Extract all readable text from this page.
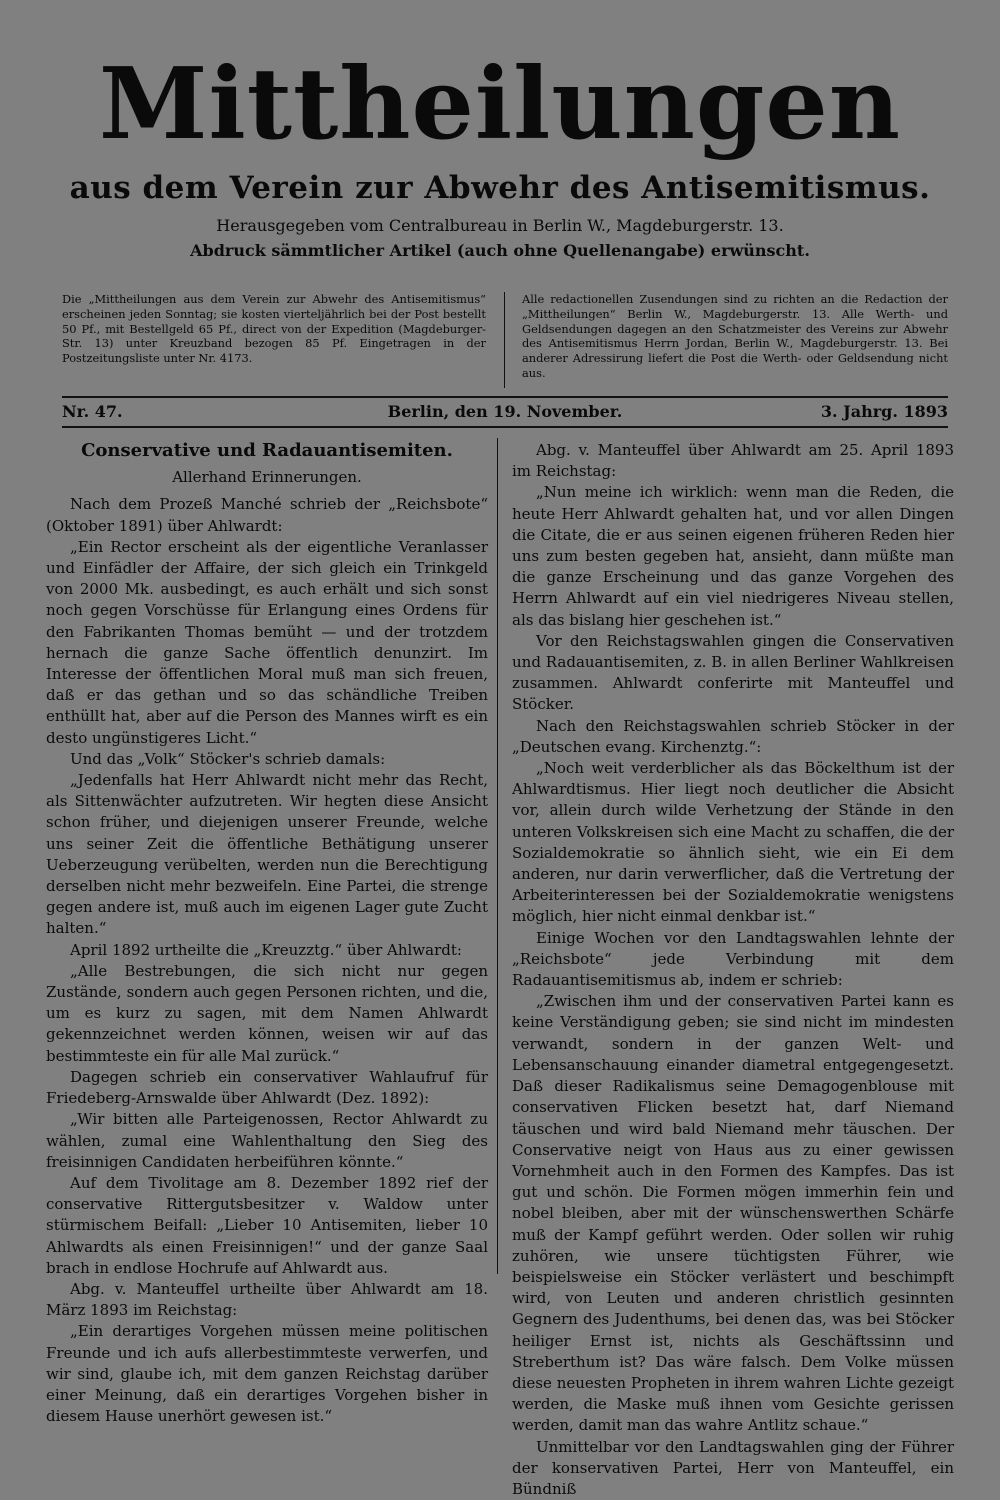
Mittheilungen
aus dem Verein zur Abwehr des Antisemitismus.
Herausgegeben vom Centralbureau in Berlin W., Magdeburgerstr. 13.
Abdruck sämmtlicher Artikel (auch ohne Quellenangabe) erwünscht.
Die „Mittheilungen aus dem Verein zur Abwehr des Antisemitismus“ erscheinen jeden Sonntag; sie kosten vierteljährlich bei der Post bestellt 50 Pf., mit Bestellgeld 65 Pf., direct von der Expedition (Magdeburger-Str. 13) unter Kreuzband bezogen 85 Pf. Eingetragen in der Postzeitungsliste unter Nr. 4173.
Alle redactionellen Zusendungen sind zu richten an die Redaction der „Mittheilungen“ Berlin W., Magdeburgerstr. 13. Alle Werth- und Geldsendungen dagegen an den Schatzmeister des Vereins zur Abwehr des Antisemitismus Herrn Jordan, Berlin W., Magdeburgerstr. 13. Bei anderer Adressirung liefert die Post die Werth- oder Geldsendung nicht aus.
Berlin, den 19. November.
Nr. 47.	3. Jahrg. 1893
Conservative und Radauantisemiten.
Allerhand Erinnerungen.

Nach dem Prozeß Manché schrieb der „Reichsbote“ (Oktober 1891) über Ahlwardt:

„Ein Rector erscheint als der eigentliche Veranlasser und Einfädler der Affaire, der sich gleich ein Trinkgeld von 2000 Mk. ausbedingt, es auch erhält und sich sonst noch gegen Vorschüsse für Erlangung eines Ordens für den Fabrikanten Thomas bemüht — und der trotzdem hernach die ganze Sache öffentlich denunzirt. Im Interesse der öffentlichen Moral muß man sich freuen, daß er das gethan und so das schändliche Treiben enthüllt hat, aber auf die Person des Mannes wirft es ein desto ungünstigeres Licht.“

Und das „Volk“ Stöcker's schrieb damals:

„Jedenfalls hat Herr Ahlwardt nicht mehr das Recht, als Sittenwächter aufzutreten. Wir hegten diese Ansicht schon früher, und diejenigen unserer Freunde, welche uns seiner Zeit die öffentliche Bethätigung unserer Ueberzeugung verübelten, werden nun die Berechtigung derselben nicht mehr bezweifeln. Eine Partei, die strenge gegen andere ist, muß auch im eigenen Lager gute Zucht halten.“

April 1892 urtheilte die „Kreuzztg.“ über Ahlwardt:

„Alle Bestrebungen, die sich nicht nur gegen Zustände, sondern auch gegen Personen richten, und die, um es kurz zu sagen, mit dem Namen Ahlwardt gekennzeichnet werden können, weisen wir auf das bestimmteste ein für alle Mal zurück.“

Dagegen schrieb ein conservativer Wahlaufruf für Friedeberg-Arnswalde über Ahlwardt (Dez. 1892):

„Wir bitten alle Parteigenossen, Rector Ahlwardt zu wählen, zumal eine Wahlenthaltung den Sieg des freisinnigen Candidaten herbeiführen könnte.“

Auf dem Tivolitage am 8. Dezember 1892 rief der conservative Rittergutsbesitzer v. Waldow unter stürmischem Beifall: „Lieber 10 Antisemiten, lieber 10 Ahlwardts als einen Freisinnigen!“ und der ganze Saal brach in endlose Hochrufe auf Ahlwardt aus.

Abg. v. Manteuffel urtheilte über Ahlwardt am 18. März 1893 im Reichstag:

„Ein derartiges Vorgehen müssen meine politischen Freunde und ich aufs allerbestimmteste verwerfen, und wir sind, glaube ich, mit dem ganzen Reichstag darüber einer Meinung, daß ein derartiges Vorgehen bisher in diesem Hause unerhört gewesen ist.“

Abg. v. Manteuffel über Ahlwardt am 25. April 1893 im Reichstag:

„Nun meine ich wirklich: wenn man die Reden, die heute Herr Ahlwardt gehalten hat, und vor allen Dingen die Citate, die er aus seinen eigenen früheren Reden hier uns zum besten gegeben hat, ansieht, dann müßte man die ganze Erscheinung und das ganze Vorgehen des Herrn Ahlwardt auf ein viel niedrigeres Niveau stellen, als das bislang hier geschehen ist.“

Vor den Reichstagswahlen gingen die Conservativen und Radauantisemiten, z. B. in allen Berliner Wahlkreisen zusammen. Ahlwardt conferirte mit Manteuffel und Stöcker.

Nach den Reichstagswahlen schrieb Stöcker in der „Deutschen evang. Kirchenztg.“:

„Noch weit verderblicher als das Böckelthum ist der Ahlwardtismus. Hier liegt noch deutlicher die Absicht vor, allein durch wilde Verhetzung der Stände in den unteren Volkskreisen sich eine Macht zu schaffen, die der Sozialdemokratie so ähnlich sieht, wie ein Ei dem anderen, nur darin verwerflicher, daß die Vertretung der Arbeiterinteressen bei der Sozialdemokratie wenigstens möglich, hier nicht einmal denkbar ist.“

Einige Wochen vor den Landtagswahlen lehnte der „Reichsbote“ jede Verbindung mit dem Radauantisemitismus ab, indem er schrieb:

„Zwischen ihm und der conservativen Partei kann es keine Verständigung geben; sie sind nicht im mindesten verwandt, sondern in der ganzen Welt- und Lebensanschauung einander diametral entgegengesetzt. Daß dieser Radikalismus seine Demagogenblouse mit conservativen Flicken besetzt hat, darf Niemand täuschen und wird bald Niemand mehr täuschen. Der Conservative neigt von Haus aus zu einer gewissen Vornehmheit auch in den Formen des Kampfes. Das ist gut und schön. Die Formen mögen immerhin fein und nobel bleiben, aber mit der wünschenswerthen Schärfe muß der Kampf geführt werden. Oder sollen wir ruhig zuhören, wie unsere tüchtigsten Führer, wie beispielsweise ein Stöcker verlästert und beschimpft wird, von Leuten und anderen christlich gesinnten Gegnern des Judenthums, bei denen das, was bei Stöcker heiliger Ernst ist, nichts als Geschäftssinn und Streberthum ist? Das wäre falsch. Dem Volke müssen diese neuesten Propheten in ihrem wahren Lichte gezeigt werden, die Maske muß ihnen vom Gesichte gerissen werden, damit man das wahre Antlitz schaue.“

Unmittelbar vor den Landtagswahlen ging der Führer der konservativen Partei, Herr von Manteuffel, ein Bündniß
